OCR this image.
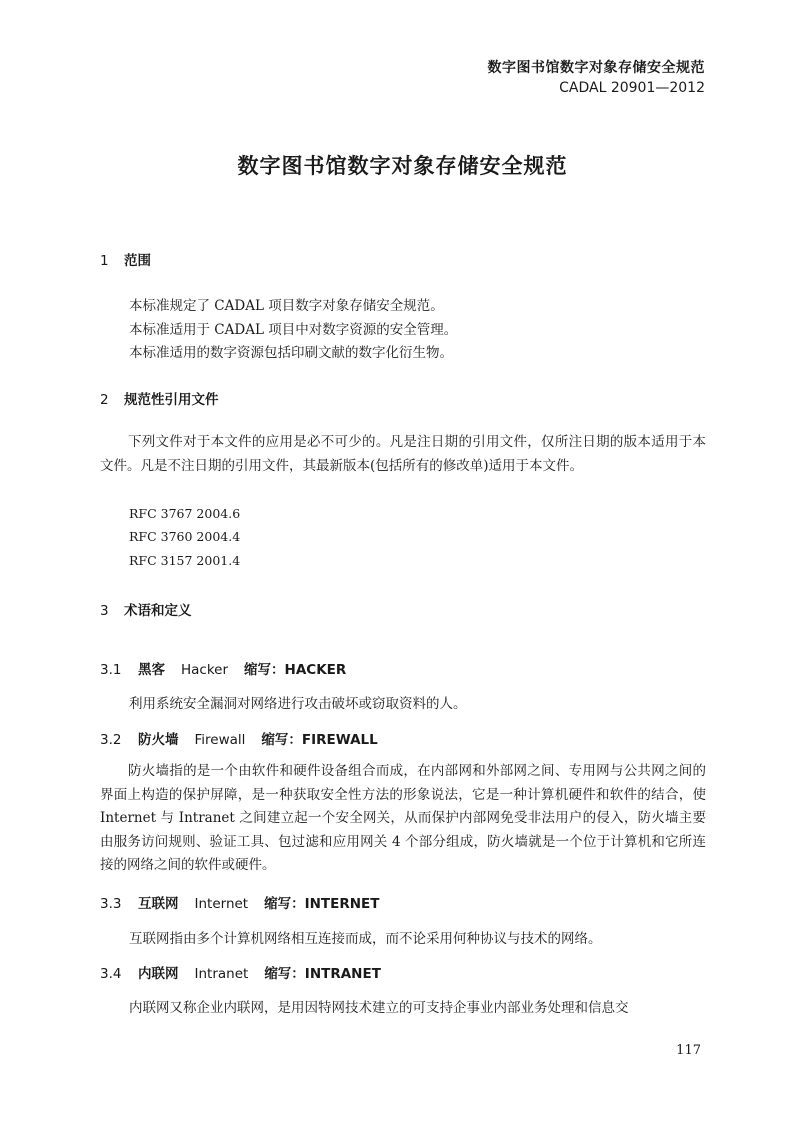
数字图书馆数字对象存储安全规范
CADAL 20901—2012
数字图书馆数字对象存储安全规范
1 范围
本标准规定了 CADAL 项目数字对象存储安全规范。
本标准适用于 CADAL 项目中对数字资源的安全管理。
本标准适用的数字资源包括印刷文献的数字化衍生物。
2 规范性引用文件
下列文件对于本文件的应用是必不可少的。凡是注日期的引用文件，仅所注日期的版本适用于本文件。凡是不注日期的引用文件，其最新版本(包括所有的修改单)适用于本文件。
RFC 3767 2004.6
RFC 3760 2004.4
RFC 3157 2001.4
3 术语和定义
3.1 黑客 Hacker 缩写：HACKER
利用系统安全漏洞对网络进行攻击破坏或窃取资料的人。
3.2 防火墙 Firewall 缩写：FIREWALL
防火墙指的是一个由软件和硬件设备组合而成，在内部网和外部网之间、专用网与公共网之间的界面上构造的保护屏障，是一种获取安全性方法的形象说法，它是一种计算机硬件和软件的结合，使 Internet 与 Intranet 之间建立起一个安全网关，从而保护内部网免受非法用户的侵入，防火墙主要由服务访问规则、验证工具、包过滤和应用网关 4 个部分组成，防火墙就是一个位于计算机和它所连接的网络之间的软件或硬件。
3.3 互联网 Internet 缩写：INTERNET
互联网指由多个计算机网络相互连接而成，而不论采用何种协议与技术的网络。
3.4 内联网 Intranet 缩写：INTRANET
内联网又称企业内联网，是用因特网技术建立的可支持企事业内部业务处理和信息交
117
